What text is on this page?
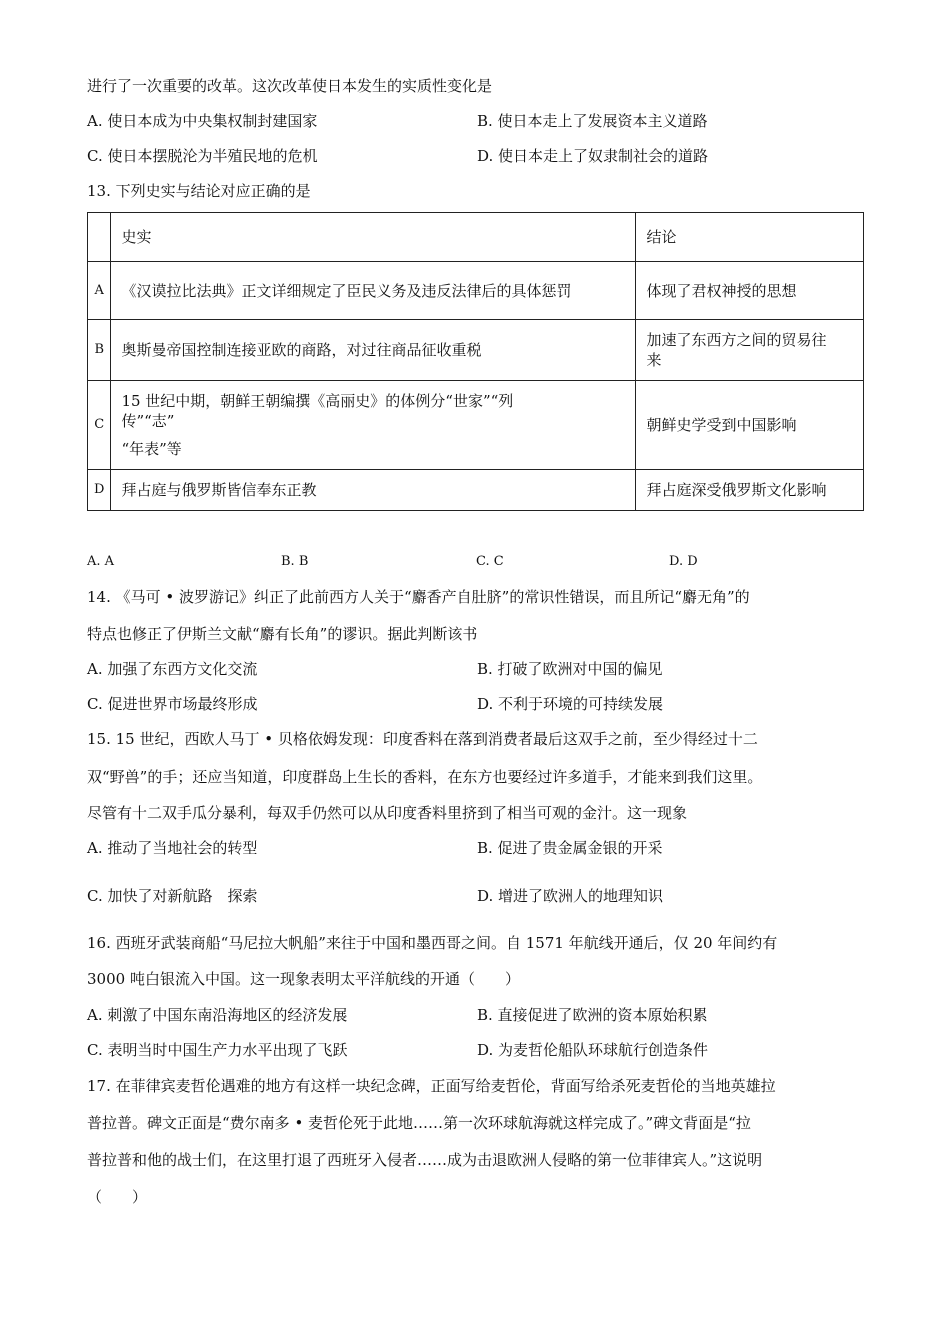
进行了一次重要的改革。这次改革使日本发生的实质性变化是
A. 使日本成为中央集权制封建国家	B. 使日本走上了发展资本主义道路
C. 使日本摆脱沦为半殖民地的危机	D. 使日本走上了奴隶制社会的道路
13. 下列史实与结论对应正确的是
	史实	结论
A	《汉谟拉比法典》正文详细规定了臣民义务及违反法律后的具体惩罚	体现了君权神授的思想
B	奥斯曼帝国控制连接亚欧的商路，对过往商品征收重税	加速了东西方之间的贸易往
来

C	15 世纪中期，朝鲜王朝编撰《高丽史》的体例分“世家”“列
传”“志”
“年表”等	朝鲜史学受到中国影响
D	拜占庭与俄罗斯皆信奉东正教	拜占庭深受俄罗斯文化影响
A. A	B. B	C. C	D. D
14. 《马可 • 波罗游记》纠正了此前西方人关于“麝香产自肚脐”的常识性错误，而且所记“麝无角”的
特点也修正了伊斯兰文献“麝有长角”的谬识。据此判断该书
A. 加强了东西方文化交流	B. 打破了欧洲对中国的偏见
C. 促进世界市场最终形成	D. 不利于环境的可持续发展
15. 15 世纪，西欧人马丁 • 贝格依姆发现：印度香料在落到消费者最后这双手之前，至少得经过十二
双“野兽”的手；还应当知道，印度群岛上生长的香料，在东方也要经过许多道手，才能来到我们这里。
尽管有十二双手瓜分暴利，每双手仍然可以从印度香料里挤到了相当可观的金汁。这一现象
A. 推动了当地社会的转型	B. 促进了贵金属金银的开采
C. 加快了对新航路　探索	D. 增进了欧洲人的地理知识
16. 西班牙武装商船“马尼拉大帆船”来往于中国和墨西哥之间。自 1571 年航线开通后，仅 20 年间约有
3000 吨白银流入中国。这一现象表明太平洋航线的开通（　　）
A. 刺激了中国东南沿海地区的经济发展	B. 直接促进了欧洲的资本原始积累
C. 表明当时中国生产力水平出现了飞跃	D. 为麦哲伦船队环球航行创造条件
17. 在菲律宾麦哲伦遇难的地方有这样一块纪念碑，正面写给麦哲伦，背面写给杀死麦哲伦的当地英雄拉
普拉普。碑文正面是“费尔南多 • 麦哲伦死于此地……第一次环球航海就这样完成了。”碑文背面是“拉
普拉普和他的战士们，在这里打退了西班牙入侵者……成为击退欧洲人侵略的第一位菲律宾人。”这说明
（　　）
